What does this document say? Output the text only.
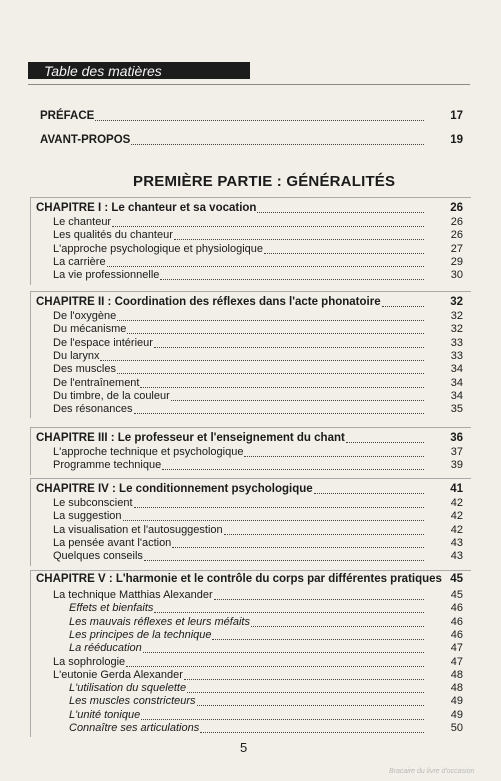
Table des matières
PRÉFACE	17
AVANT-PROPOS	19
CHAPITRE I : Le chanteur et sa vocation	26
Le chanteur	26
Les qualités du chanteur	26
L'approche psychologique et physiologique	27
La carrière	29
La vie professionnelle	30
CHAPITRE II : Coordination des réflexes dans l'acte phonatoire	32
De l'oxygène	32
Du mécanisme	32
De l'espace intérieur	33
Du larynx	33
Des muscles	34
De l'entraînement	34
Du timbre, de la couleur	34
Des résonances	35
CHAPITRE III : Le professeur et l'enseignement du chant	36
L'approche technique et psychologique	37
Programme technique	39
CHAPITRE IV : Le conditionnement psychologique	41
Le subconscient	42
La suggestion	42
La visualisation et l'autosuggestion	42
La pensée avant l'action	43
Quelques conseils	43
CHAPITRE V : L'harmonie et le contrôle du corps par différentes pratiques 45
La technique Matthias Alexander	45
Effets et bienfaits	46
Les mauvais réflexes et leurs méfaits	46
Les principes de la technique	46
La rééducation	47
La sophrologie	47
L'eutonie Gerda Alexander	48
L'utilisation du squelette	48
Les muscles constricteurs	49
L'unité tonique	49
Connaître ses articulations	50
PREMIÈRE PARTIE : GÉNÉRALITÉS
5
Bracaire du livre d'occasion
